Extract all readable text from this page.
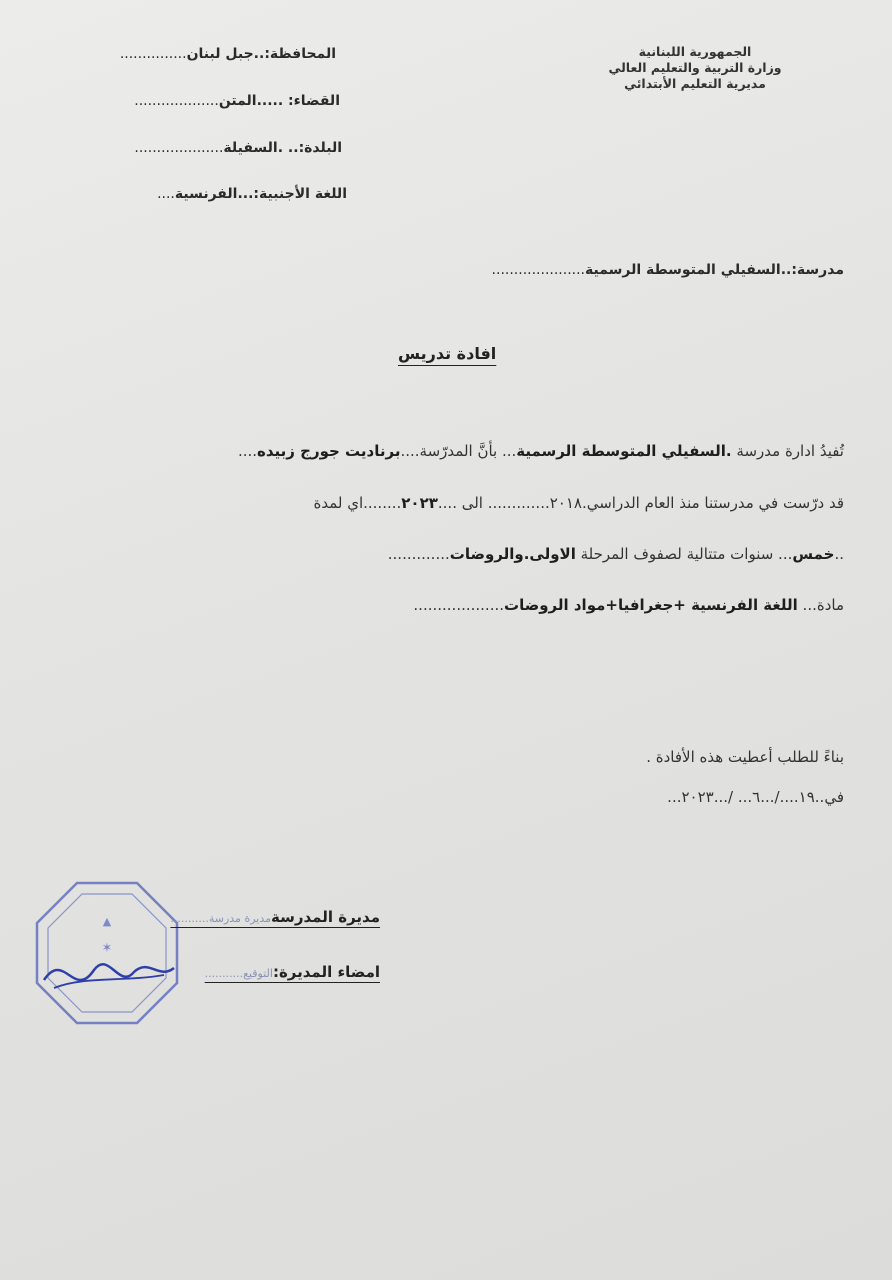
الجمهورية اللبنانية
وزارة التربية والتعليم العالي
مديرية التعليم الأبتدائي
المحافظة:..جبل لبنان...............
القضاء: .....المتن...................
البلدة:.. .السفيلة....................
اللغة الأجنبية:...الفرنسية....
مدرسة:..السفيلي المتوسطة الرسمية.....................
افادة تدريس
تُفيدُ ادارة مدرسة .السفيلي المتوسطة الرسمية... بأنَّ المدرّسة....برناديت جورج زبيده....
قد درّست في مدرستنا منذ العام الدراسي.٢٠١٨............. الى ....٢٠٢٣........اي لمدة
..خمس... سنوات متتالية لصفوف المرحلة الاولى.والروضات.............
مادة... اللغة الفرنسية +جغرافيا+مواد الروضات...................
بناءً للطلب أعطيت هذه الأفادة .
في..١٩..../...٦... /...٢٠٢٣...
▲
✶
مديرة المدرسةمديرة مدرسة...........
امضاء المديرة:التوقيع...........
